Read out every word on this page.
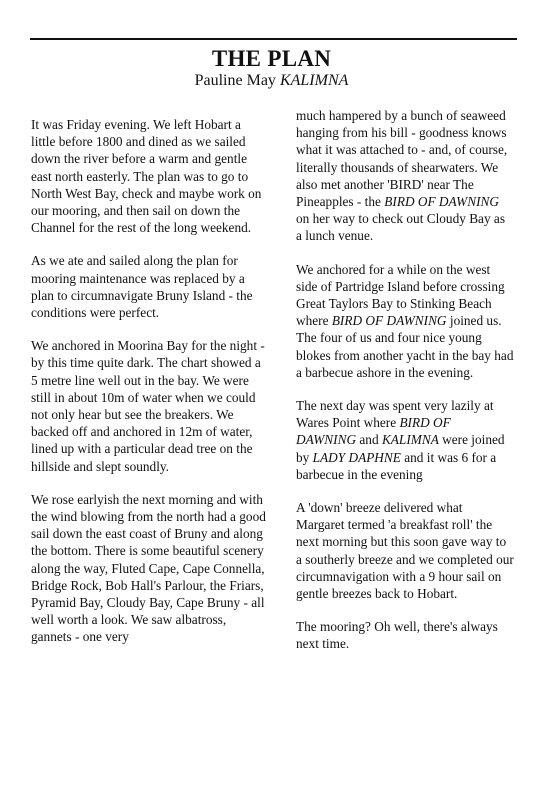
THE PLAN
Pauline May KALIMNA

It was Friday evening. We left Hobart a little before 1800 and dined as we sailed down the river before a warm and gentle east north easterly. The plan was to go to North West Bay, check and maybe work on our mooring, and then sail on down the Channel for the rest of the long weekend.

As we ate and sailed along the plan for mooring maintenance was replaced by a plan to circumnavigate Bruny Island - the conditions were perfect.

We anchored in Moorina Bay for the night - by this time quite dark. The chart showed a 5 metre line well out in the bay. We were still in about 10m of water when we could not only hear but see the breakers. We backed off and anchored in 12m of water, lined up with a particular dead tree on the hillside and slept soundly.

We rose earlyish the next morning and with the wind blowing from the north had a good sail down the east coast of Bruny and along the bottom. There is some beautiful scenery along the way, Fluted Cape, Cape Connella, Bridge Rock, Bob Hall's Parlour, the Friars, Pyramid Bay, Cloudy Bay, Cape Bruny - all well worth a look. We saw albatross, gannets - one very

much hampered by a bunch of seaweed hanging from his bill - goodness knows what it was attached to - and, of course, literally thousands of shearwaters. We also met another 'BIRD' near The Pineapples - the BIRD OF DAWNING on her way to check out Cloudy Bay as a lunch venue.

We anchored for a while on the west side of Partridge Island before crossing Great Taylors Bay to Stinking Beach where BIRD OF DAWNING joined us. The four of us and four nice young blokes from another yacht in the bay had a barbecue ashore in the evening.

The next day was spent very lazily at Wares Point where BIRD OF DAWNING and KALIMNA were joined by LADY DAPHNE and it was 6 for a barbecue in the evening

A 'down' breeze delivered what Margaret termed 'a breakfast roll' the next morning but this soon gave way to a southerly breeze and we completed our circumnavigation with a 9 hour sail on gentle breezes back to Hobart.

The mooring? Oh well, there's always next time.
